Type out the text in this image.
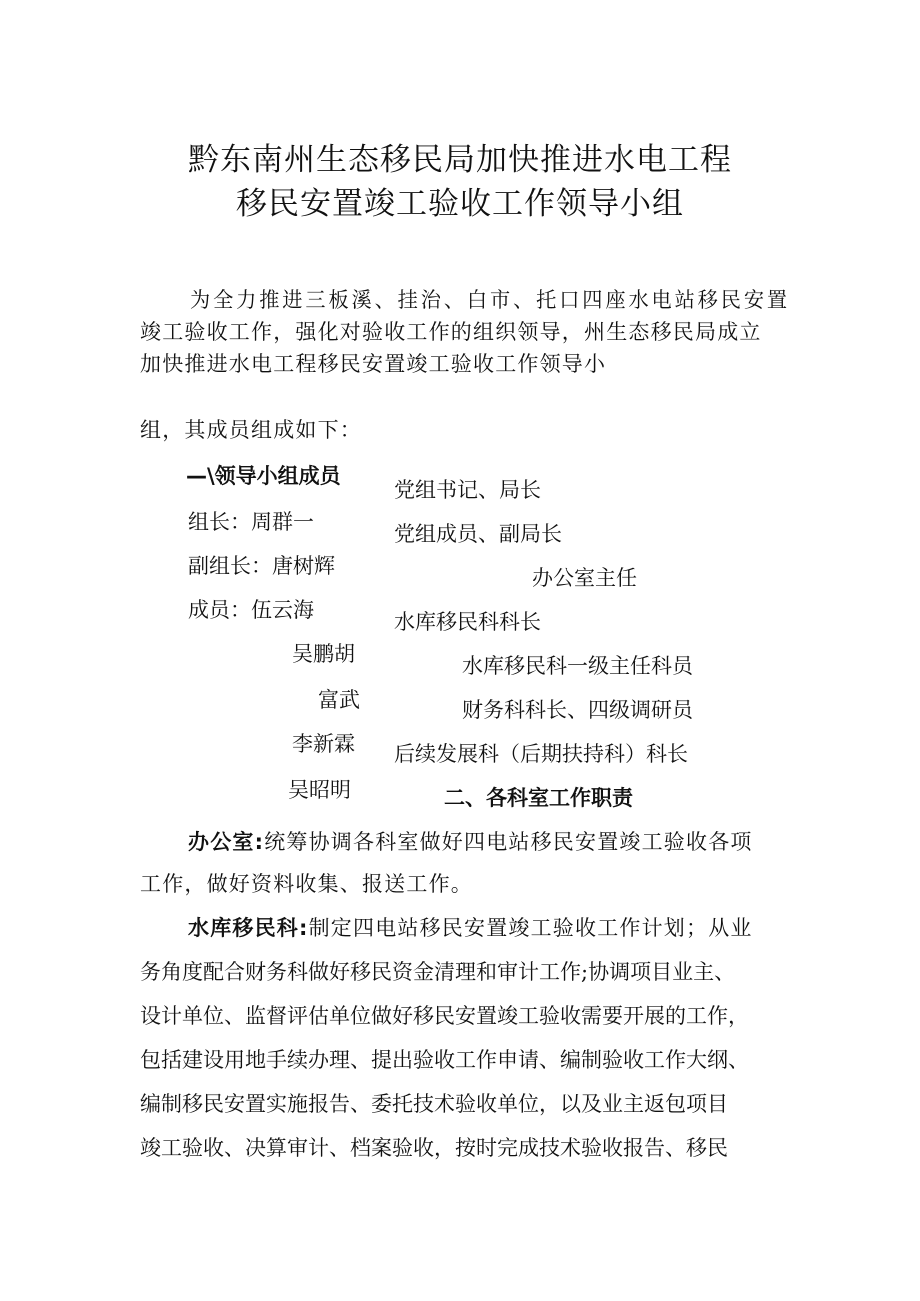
黔东南州生态移民局加快推进水电工程
移民安置竣工验收工作领导小组
为全力推进三板溪、挂治、白市、托口四座水电站移民安置
竣工验收工作，强化对验收工作的组织领导，州生态移民局成立
加快推进水电工程移民安置竣工验收工作领导小
组，其成员组成如下：
—\领导小组成员
组长：周群一
副组长：唐树辉
成员：伍云海
吴鹏胡
富武
李新霖
吴昭明
党组书记、局长
党组成员、副局长
办公室主任
水库移民科科长
水库移民科一级主任科员
财务科科长、四级调研员
后续发展科（后期扶持科）科长
二、各科室工作职责
办公室:统筹协调各科室做好四电站移民安置竣工验收各项
工作，做好资料收集、报送工作。
水库移民科:制定四电站移民安置竣工验收工作计划；从业
务角度配合财务科做好移民资金清理和审计工作;协调项目业主、
设计单位、监督评估单位做好移民安置竣工验收需要开展的工作，
包括建设用地手续办理、提出验收工作申请、编制验收工作大纲、
编制移民安置实施报告、委托技术验收单位，以及业主返包项目
竣工验收、决算审计、档案验收，按时完成技术验收报告、移民
